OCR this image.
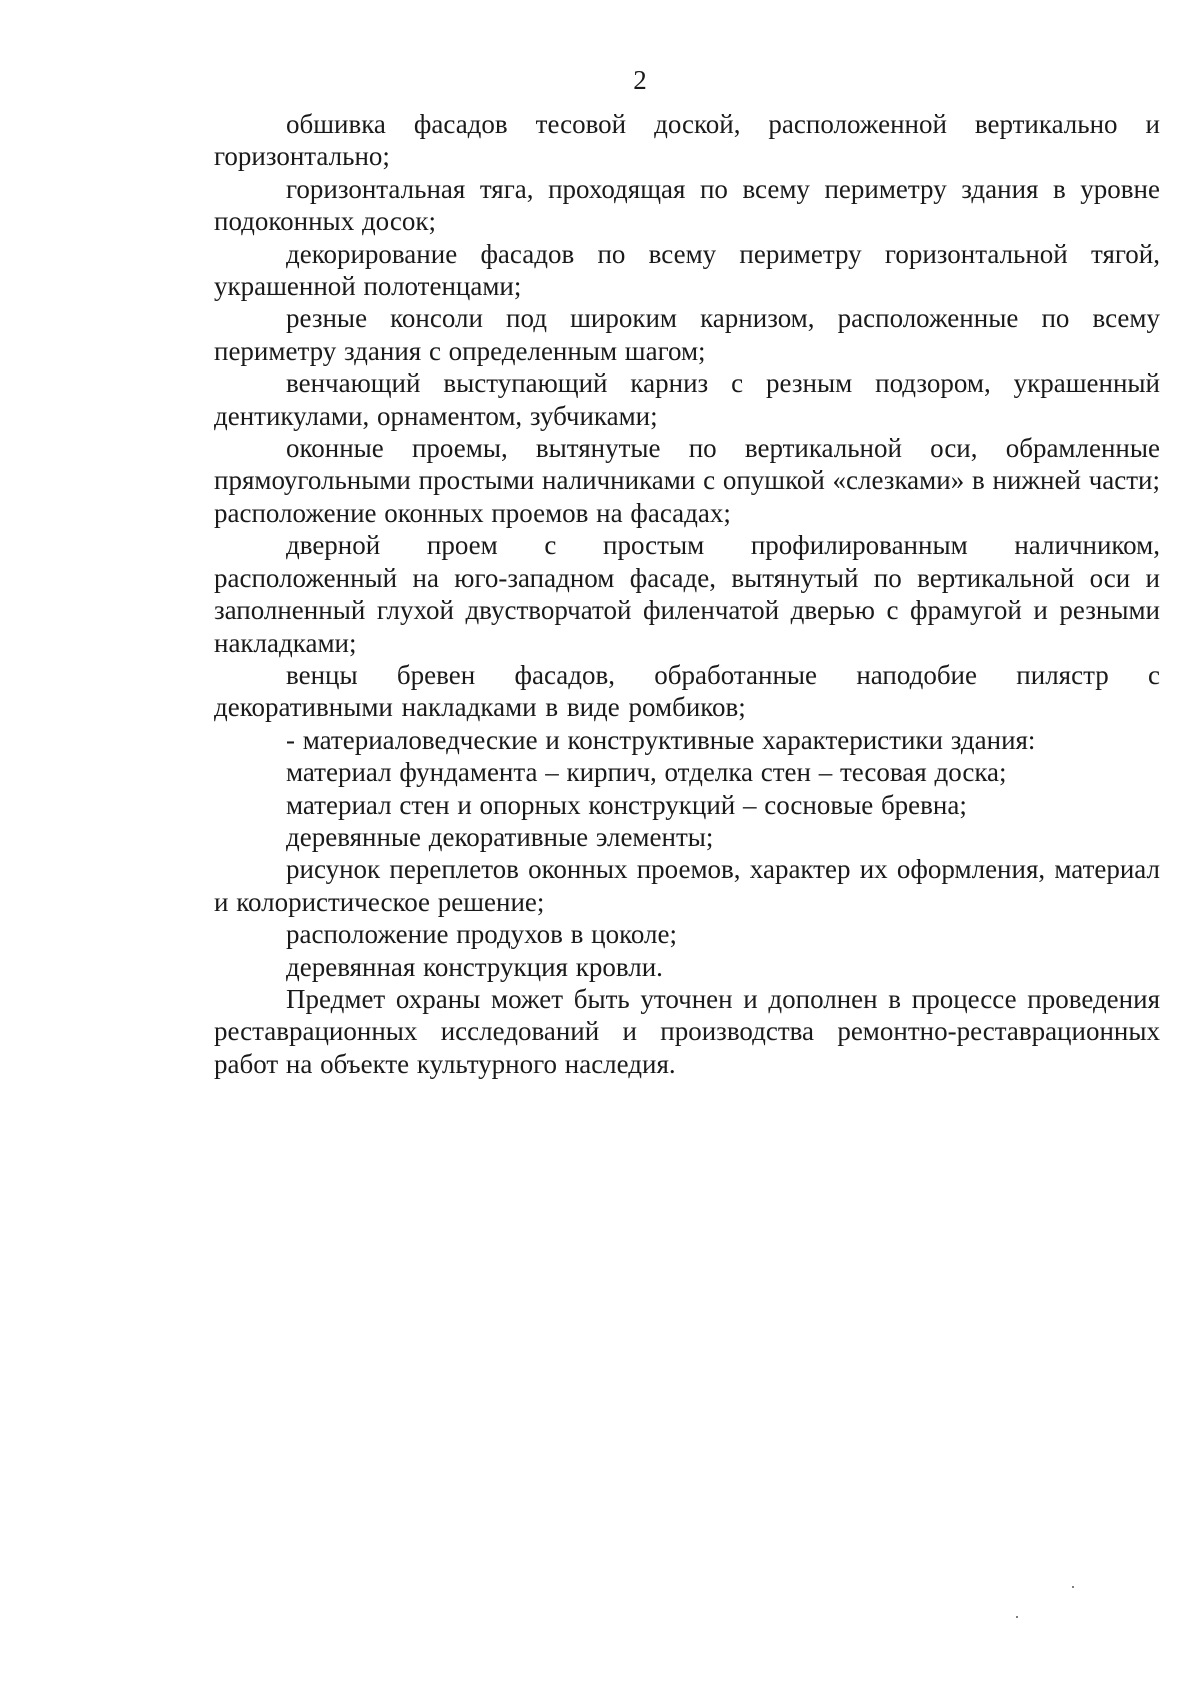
2

обшивка фасадов тесовой доской, расположенной вертикально и горизонтально;

горизонтальная тяга, проходящая по всему периметру здания в уровне подоконных досок;

декорирование фасадов по всему периметру горизонтальной тягой, украшенной полотенцами;

резные консоли под широким карнизом, расположенные по всему периметру здания с определенным шагом;

венчающий выступающий карниз с резным подзором, украшенный дентикулами, орнаментом, зубчиками;

оконные проемы, вытянутые по вертикальной оси, обрамленные прямоугольными простыми наличниками с опушкой «слезками» в нижней части; расположение оконных проемов на фасадах;

дверной проем с простым профилированным наличником, расположенный на юго-западном фасаде, вытянутый по вертикальной оси и заполненный глухой двустворчатой филенчатой дверью с фрамугой и резными накладками;

венцы бревен фасадов, обработанные наподобие пилястр с декоративными накладками в виде ромбиков;

- материаловедческие и конструктивные характеристики здания:

материал фундамента – кирпич, отделка стен – тесовая доска;

материал стен и опорных конструкций – сосновые бревна;

деревянные декоративные элементы;

рисунок переплетов оконных проемов, характер их оформления, материал и колористическое решение;

расположение продухов в цоколе;

деревянная конструкция кровли.

Предмет охраны может быть уточнен и дополнен в процессе проведения реставрационных исследований и производства ремонтно-реставрационных работ на объекте культурного наследия.
